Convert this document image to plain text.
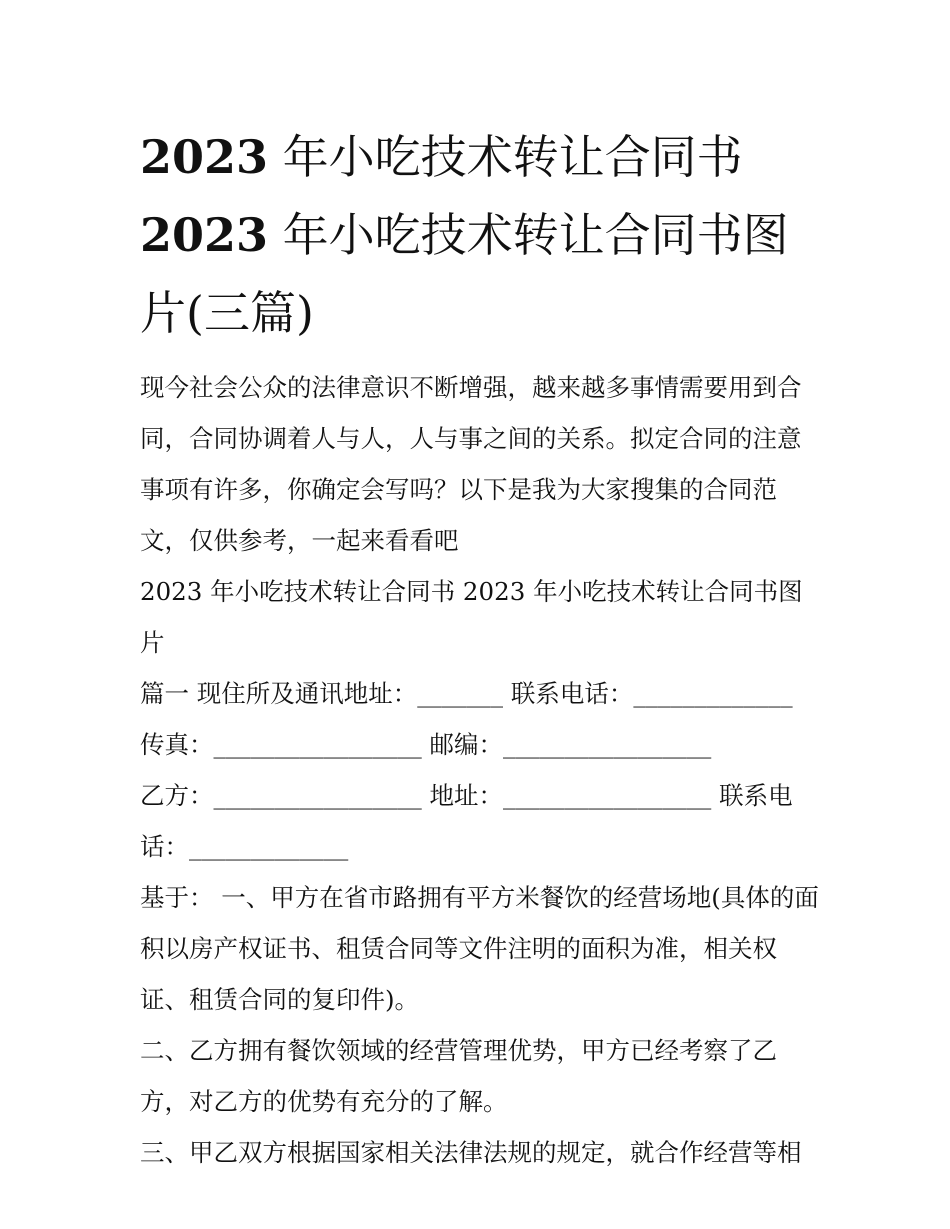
2023 年小吃技术转让合同书
2023 年小吃技术转让合同书图
片(三篇)

现今社会公众的法律意识不断增强，越来越多事情需要用到合同，合同协调着人与人，人与事之间的关系。拟定合同的注意事项有许多，你确定会写吗？以下是我为大家搜集的合同范文，仅供参考，一起来看看吧

2023 年小吃技术转让合同书 2023 年小吃技术转让合同书图片

篇一 现住所及通讯地址：_______ 联系电话：_____________

传真：_________________ 邮编：_________________

乙方：_________________ 地址：_________________ 联系电话：_____________

基于： 一、甲方在省市路拥有平方米餐饮的经营场地(具体的面积以房产权证书、租赁合同等文件注明的面积为准，相关权证、租赁合同的复印件)。

二、乙方拥有餐饮领域的经营管理优势，甲方已经考察了乙方，对乙方的优势有充分的了解。

三、甲乙双方根据国家相关法律法规的规定，就合作经营等相
